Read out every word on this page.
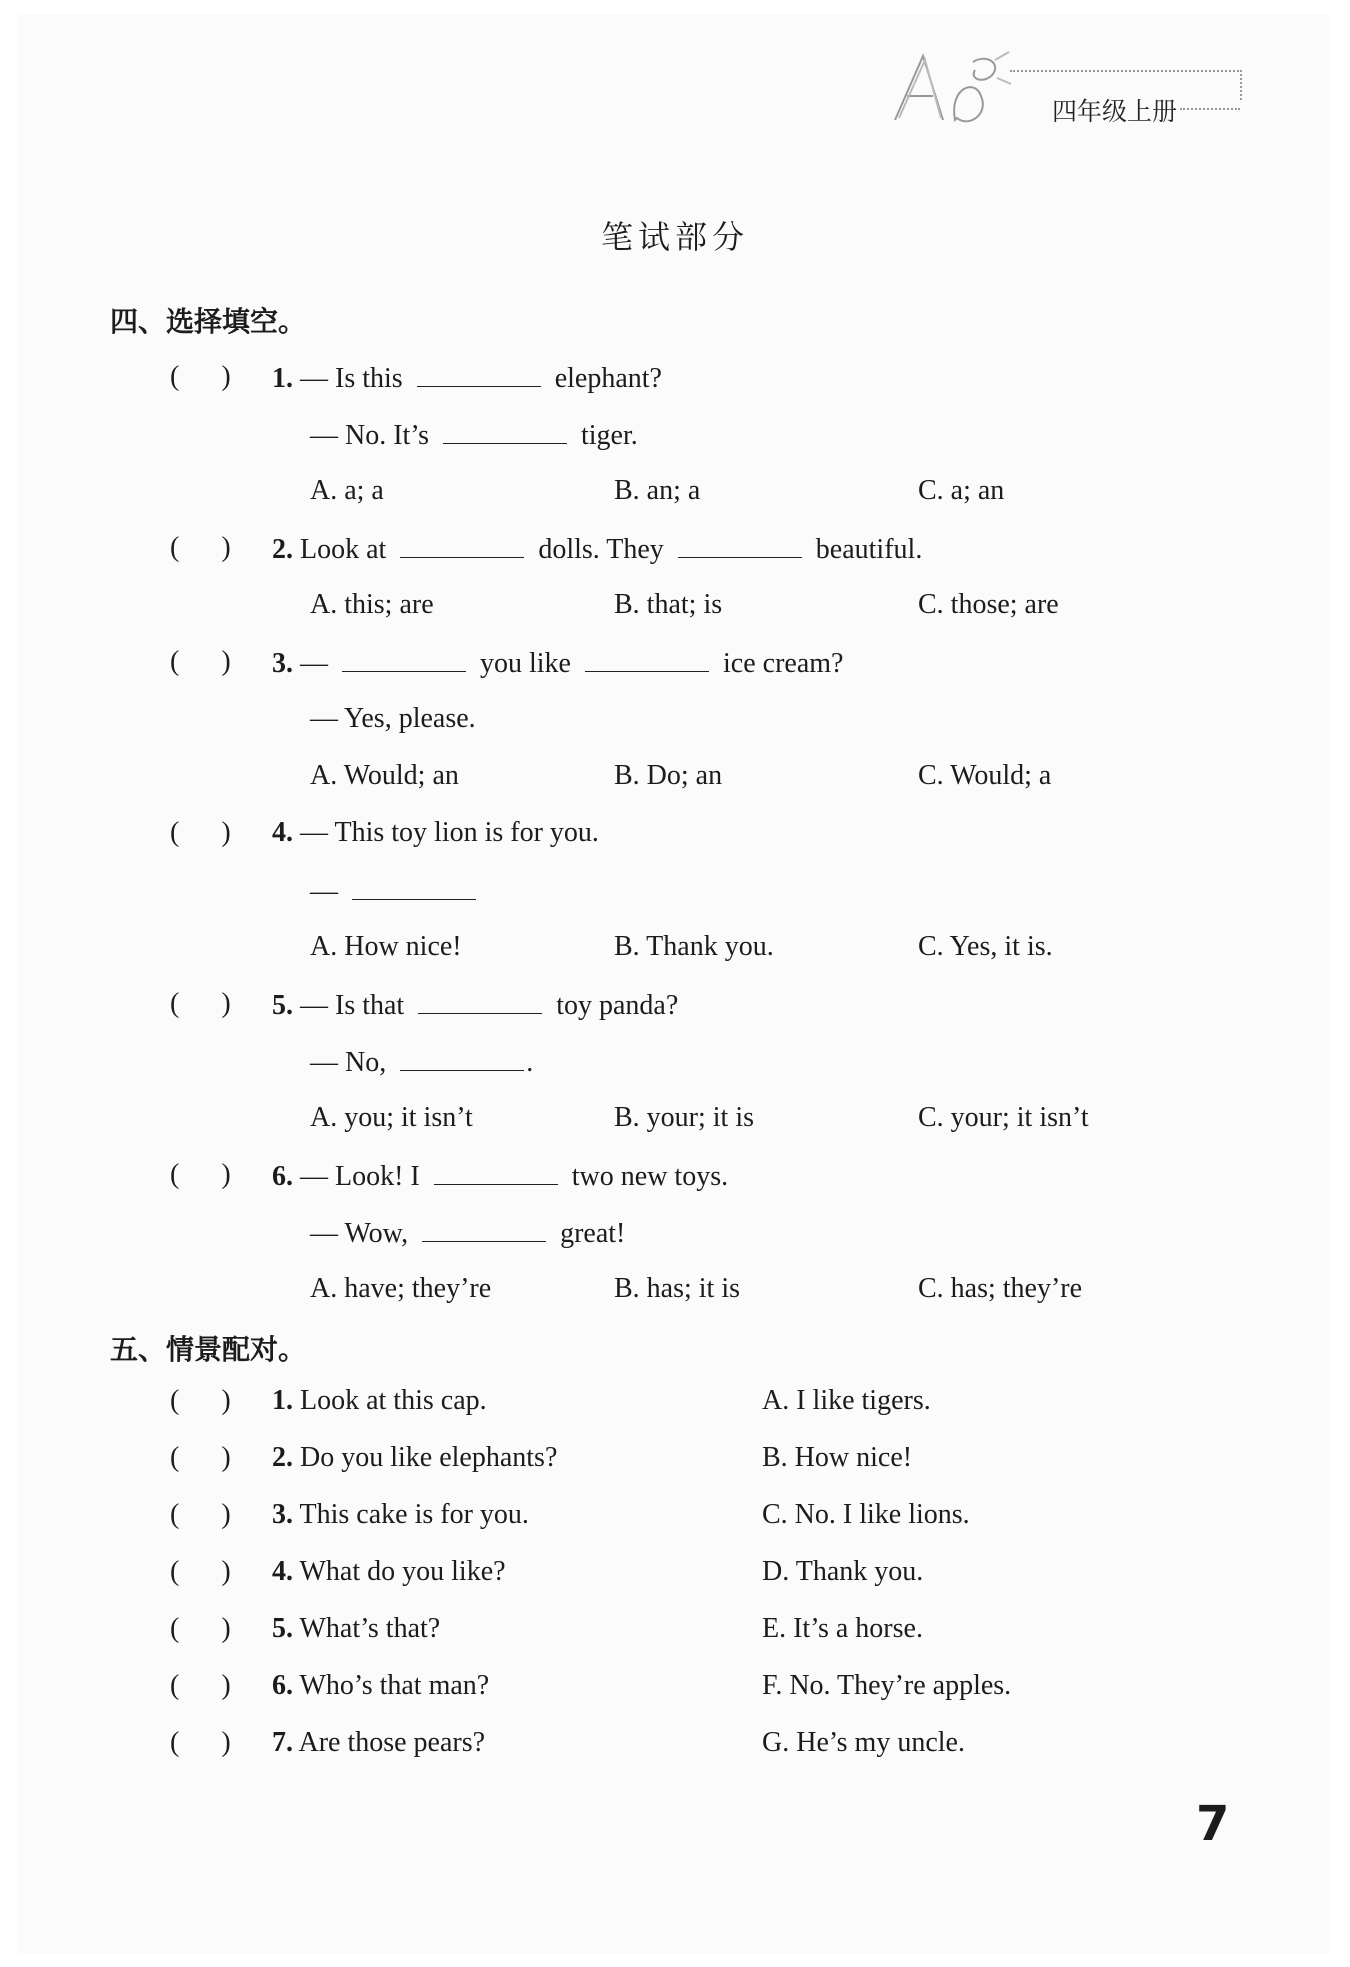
四年级上册
笔试部分
四、选择填空。
( ) 1. — Is this	elephant?
— No. It’s	tiger.
A. a; a	B. an; a	C. a; an
( ) 2. Look at	dolls. They	beautiful.
A. this; are	B. that; is	C. those; are
( ) 3. —	you like	ice cream?
— Yes, please.
A. Would; an	B. Do; an	C. Would; a
( ) 4. — This toy lion is for you.
—
A. How nice!	B. Thank you.	C. Yes, it is.
( ) 5. — Is that	toy panda?
— No,	.
A. you; it isn’t	B. your; it is	C. your; it isn’t
( ) 6. — Look! I	two new toys.
— Wow,	great!
A. have; they’re	B. has; it is	C. has; they’re
五、情景配对。
( ) 1. Look at this cap.	A. I like tigers.
( ) 2. Do you like elephants?	B. How nice!
( ) 3. This cake is for you.	C. No. I like lions.
( ) 4. What do you like?	D. Thank you.
( ) 5. What’s that?	E. It’s a horse.
( ) 6. Who’s that man?	F. No. They’re apples.
( ) 7. Are those pears?	G. He’s my uncle.
7
